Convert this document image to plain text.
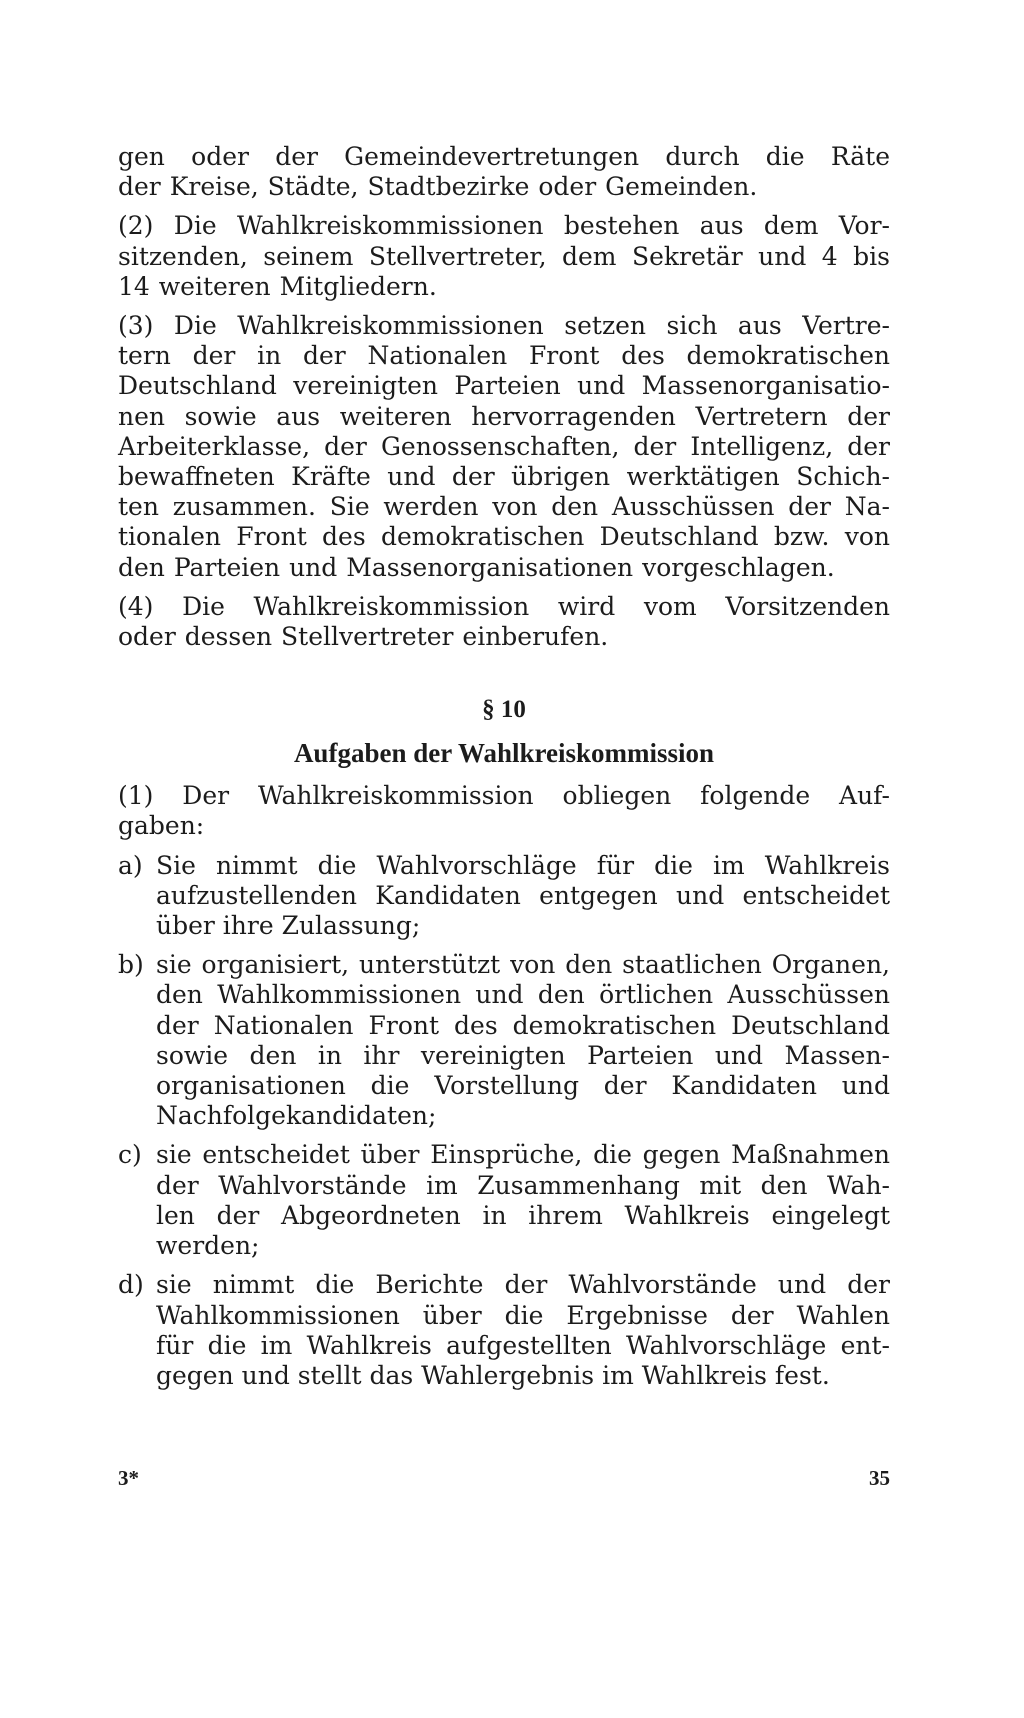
gen oder der Gemeindevertretungen durch die Räte
der Kreise, Städte, Stadtbezirke oder Gemeinden.
(2) Die Wahlkreiskommissionen bestehen aus dem Vor-
sitzenden, seinem Stellvertreter, dem Sekretär und 4 bis
14 weiteren Mitgliedern.
(3) Die Wahlkreiskommissionen setzen sich aus Vertre-
tern der in der Nationalen Front des demokratischen
Deutschland vereinigten Parteien und Massenorganisatio-
nen sowie aus weiteren hervorragenden Vertretern der
Arbeiterklasse, der Genossenschaften, der Intelligenz, der
bewaffneten Kräfte und der übrigen werktätigen Schich-
ten zusammen. Sie werden von den Ausschüssen der Na-
tionalen Front des demokratischen Deutschland bzw. von
den Parteien und Massenorganisationen vorgeschlagen.
(4) Die Wahlkreiskommission wird vom Vorsitzenden
oder dessen Stellvertreter einberufen.
§ 10
Aufgaben der Wahlkreiskommission
(1) Der Wahlkreiskommission obliegen folgende Auf-
gaben:
a) Sie nimmt die Wahlvorschläge für die im Wahlkreis
aufzustellenden Kandidaten entgegen und entscheidet
über ihre Zulassung;
b) sie organisiert, unterstützt von den staatlichen Organen,
den Wahlkommissionen und den örtlichen Ausschüssen
der Nationalen Front des demokratischen Deutschland
sowie den in ihr vereinigten Parteien und Massen-
organisationen die Vorstellung der Kandidaten und
Nachfolgekandidaten;
c) sie entscheidet über Einsprüche, die gegen Maßnahmen
der Wahlvorstände im Zusammenhang mit den Wah-
len der Abgeordneten in ihrem Wahlkreis eingelegt
werden;
d) sie nimmt die Berichte der Wahlvorstände und der
Wahlkommissionen über die Ergebnisse der Wahlen
für die im Wahlkreis aufgestellten Wahlvorschläge ent-
gegen und stellt das Wahlergebnis im Wahlkreis fest.
3*	35
